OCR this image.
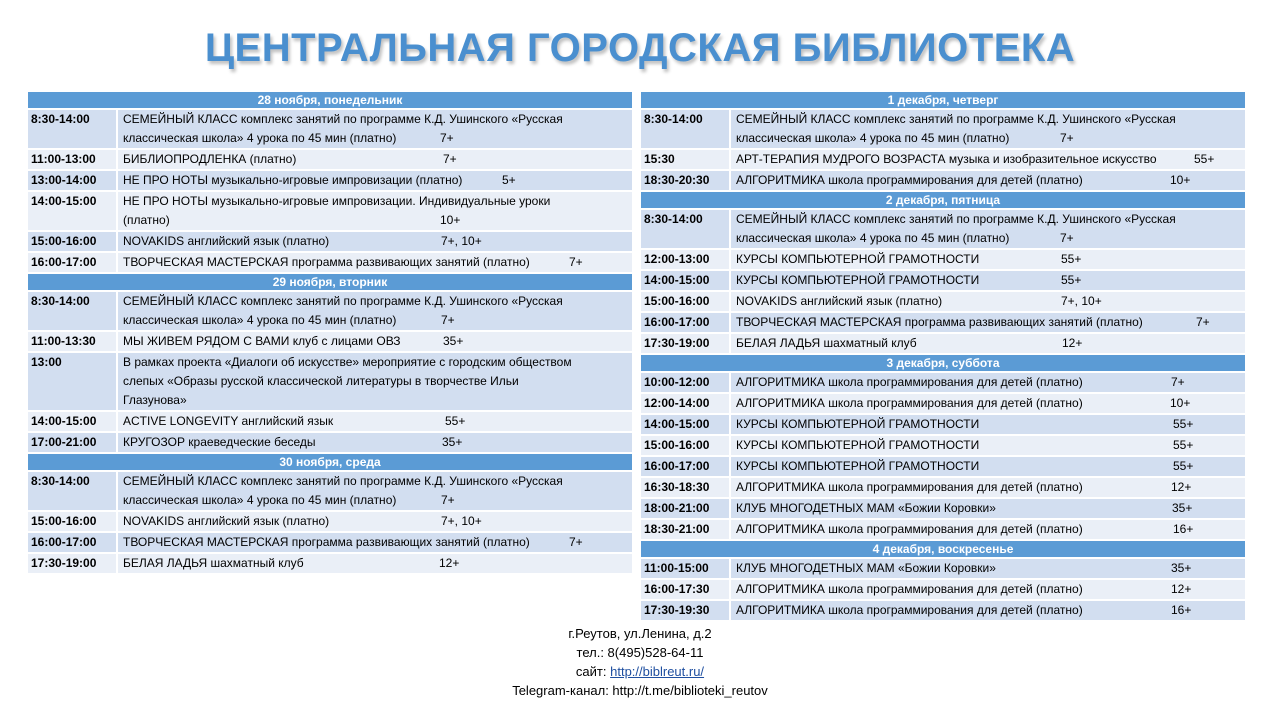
ЦЕНТРАЛЬНАЯ ГОРОДСКАЯ БИБЛИОТЕКА
28 ноября, понедельник
8:30-14:00	СЕМЕЙНЫЙ КЛАСС комплекс занятий по программе К.Д. Ушинского «Русская
классическая школа» 4 урока по 45 мин (платно)	7+
11:00-13:00	БИБЛИОПРОДЛЕНКА (платно)	7+
13:00-14:00	НЕ ПРО НОТЫ музыкально-игровые импровизации (платно)	5+
14:00-15:00	НЕ ПРО НОТЫ музыкально-игровые импровизации. Индивидуальные уроки
(платно)	10+
15:00-16:00	NOVAKIDS английский язык (платно)	7+, 10+
16:00-17:00	ТВОРЧЕСКАЯ МАСТЕРСКАЯ программа развивающих занятий (платно)	7+
29 ноября, вторник
8:30-14:00	СЕМЕЙНЫЙ КЛАСС комплекс занятий по программе К.Д. Ушинского «Русская
классическая школа» 4 урока по 45 мин (платно)	7+
11:00-13:30	МЫ ЖИВЕМ РЯДОМ С ВАМИ клуб с лицами ОВЗ	35+
13:00	В рамках проекта «Диалоги об искусстве» мероприятие с городским обществом
слепых «Образы русской классической литературы в творчестве Ильи
Глазунова»
14:00-15:00	ACTIVE LONGEVITY английский язык	55+
17:00-21:00	КРУГОЗОР краеведческие беседы	35+
30 ноября, среда
8:30-14:00	СЕМЕЙНЫЙ КЛАСС комплекс занятий по программе К.Д. Ушинского «Русская
классическая школа» 4 урока по 45 мин (платно)	7+
15:00-16:00	NOVAKIDS английский язык (платно)	7+, 10+
16:00-17:00	ТВОРЧЕСКАЯ МАСТЕРСКАЯ программа развивающих занятий (платно)	7+
17:30-19:00	БЕЛАЯ ЛАДЬЯ шахматный клуб	12+
1 декабря, четверг
8:30-14:00	СЕМЕЙНЫЙ КЛАСС комплекс занятий по программе К.Д. Ушинского «Русская
классическая школа» 4 урока по 45 мин (платно)	7+
15:30	АРТ-ТЕРАПИЯ МУДРОГО ВОЗРАСТА музыка и изобразительное искусство	55+
18:30-20:30	АЛГОРИТМИКА школа программирования для детей (платно)	10+
2 декабря, пятница
8:30-14:00	СЕМЕЙНЫЙ КЛАСС комплекс занятий по программе К.Д. Ушинского «Русская
классическая школа» 4 урока по 45 мин (платно)	7+
12:00-13:00	КУРСЫ КОМПЬЮТЕРНОЙ ГРАМОТНОСТИ	55+
14:00-15:00	КУРСЫ КОМПЬЮТЕРНОЙ ГРАМОТНОСТИ	55+
15:00-16:00	NOVAKIDS английский язык (платно)	7+, 10+
16:00-17:00	ТВОРЧЕСКАЯ МАСТЕРСКАЯ программа развивающих занятий (платно)	7+
17:30-19:00	БЕЛАЯ ЛАДЬЯ шахматный клуб	12+
3 декабря, суббота
10:00-12:00	АЛГОРИТМИКА школа программирования для детей (платно)	7+
12:00-14:00	АЛГОРИТМИКА школа программирования для детей (платно)	10+
14:00-15:00	КУРСЫ КОМПЬЮТЕРНОЙ ГРАМОТНОСТИ	55+
15:00-16:00	КУРСЫ КОМПЬЮТЕРНОЙ ГРАМОТНОСТИ	55+
16:00-17:00	КУРСЫ КОМПЬЮТЕРНОЙ ГРАМОТНОСТИ	55+
16:30-18:30	АЛГОРИТМИКА школа программирования для детей (платно)	12+
18:00-21:00	КЛУБ МНОГОДЕТНЫХ МАМ «Божии Коровки»	35+
18:30-21:00	АЛГОРИТМИКА школа программирования для детей (платно)	16+
4 декабря, воскресенье
11:00-15:00	КЛУБ МНОГОДЕТНЫХ МАМ «Божии Коровки»	35+
16:00-17:30	АЛГОРИТМИКА школа программирования для детей (платно)	12+
17:30-19:30	АЛГОРИТМИКА школа программирования для детей (платно)	16+
г.Реутов, ул.Ленина, д.2
тел.: 8(495)528-64-11
сайт: http://biblreut.ru/
Telegram-канал: http://t.me/biblioteki_reutov
